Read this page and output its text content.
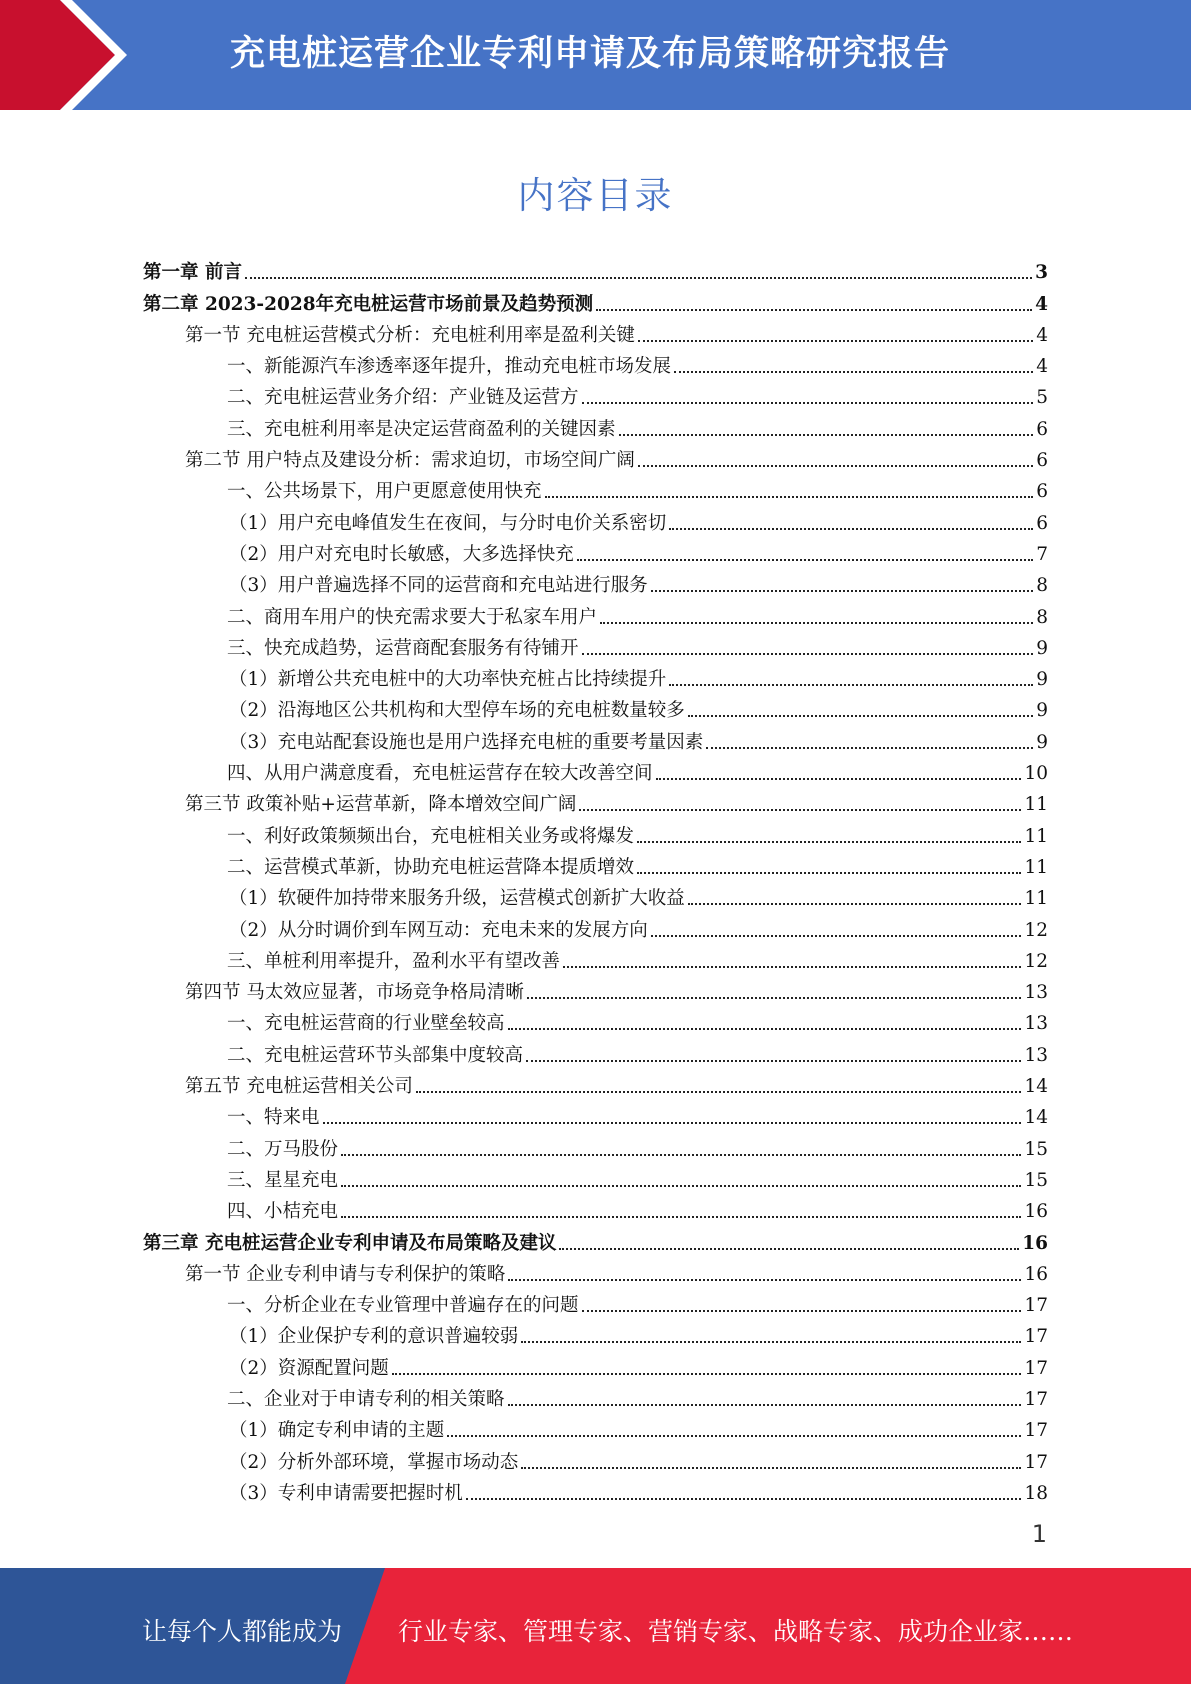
充电桩运营企业专利申请及布局策略研究报告
内容目录
第一章 前言	3
第二章 2023-2028年充电桩运营市场前景及趋势预测	4
第一节 充电桩运营模式分析：充电桩利用率是盈利关键	4
一、新能源汽车渗透率逐年提升，推动充电桩市场发展	4
二、充电桩运营业务介绍：产业链及运营方	5
三、充电桩利用率是决定运营商盈利的关键因素	6
第二节 用户特点及建设分析：需求迫切，市场空间广阔	6
一、公共场景下，用户更愿意使用快充	6
（1）用户充电峰值发生在夜间，与分时电价关系密切	6
（2）用户对充电时长敏感，大多选择快充	7
（3）用户普遍选择不同的运营商和充电站进行服务	8
二、商用车用户的快充需求要大于私家车用户	8
三、快充成趋势，运营商配套服务有待铺开	9
（1）新增公共充电桩中的大功率快充桩占比持续提升	9
（2）沿海地区公共机构和大型停车场的充电桩数量较多	9
（3）充电站配套设施也是用户选择充电桩的重要考量因素	9
四、从用户满意度看，充电桩运营存在较大改善空间	10
第三节 政策补贴+运营革新，降本增效空间广阔	11
一、利好政策频频出台，充电桩相关业务或将爆发	11
二、运营模式革新，协助充电桩运营降本提质增效	11
（1）软硬件加持带来服务升级，运营模式创新扩大收益	11
（2）从分时调价到车网互动：充电未来的发展方向	12
三、单桩利用率提升，盈利水平有望改善	12
第四节 马太效应显著，市场竞争格局清晰	13
一、充电桩运营商的行业壁垒较高	13
二、充电桩运营环节头部集中度较高	13
第五节 充电桩运营相关公司	14
一、特来电	14
二、万马股份	15
三、星星充电	15
四、小桔充电	16
第三章 充电桩运营企业专利申请及布局策略及建议	16
第一节 企业专利申请与专利保护的策略	16
一、分析企业在专业管理中普遍存在的问题	17
（1）企业保护专利的意识普遍较弱	17
（2）资源配置问题	17
二、企业对于申请专利的相关策略	17
（1）确定专利申请的主题	17
（2）分析外部环境，掌握市场动态	17
（3）专利申请需要把握时机	18
1
让每个人都能成为 行业专家、管理专家、营销专家、战略专家、成功企业家……
